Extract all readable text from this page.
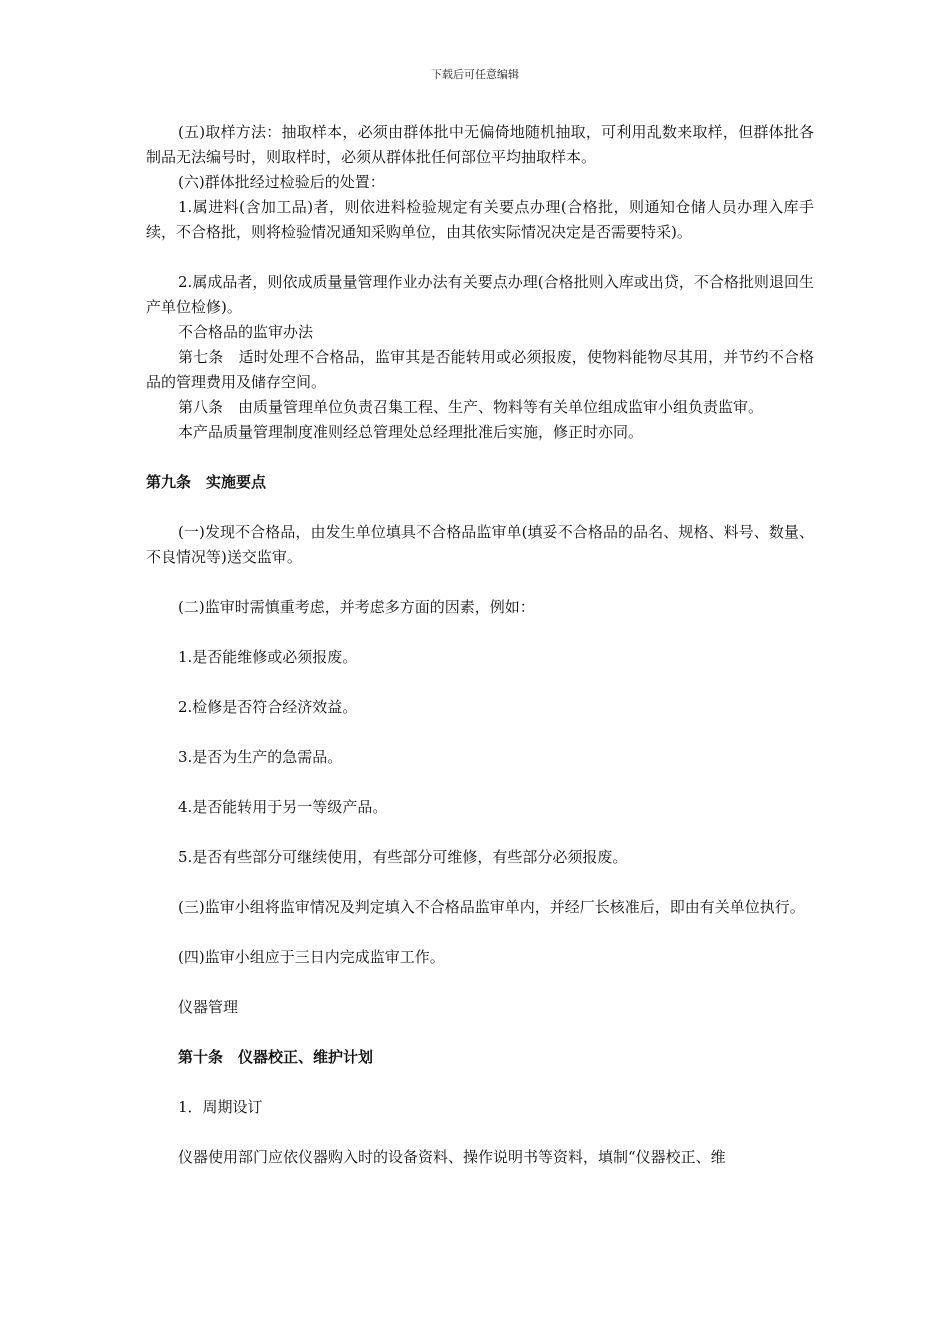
下载后可任意编辑

(五)取样方法：抽取样本，必须由群体批中无偏倚地随机抽取，可利用乱数来取样，但群体批各制品无法编号时，则取样时，必须从群体批任何部位平均抽取样本。

(六)群体批经过检验后的处置：

1.属进料(含加工品)者，则依进料检验规定有关要点办理(合格批，则通知仓储人员办理入库手续，不合格批，则将检验情况通知采购单位，由其依实际情况决定是否需要特采)。

2.属成品者，则依成质量量管理作业办法有关要点办理(合格批则入库或出贷，不合格批则退回生产单位检修)。

不合格品的监审办法

第七条　适时处理不合格品，监审其是否能转用或必须报废，使物料能物尽其用，并节约不合格品的管理费用及储存空间。

第八条　由质量管理单位负责召集工程、生产、物料等有关单位组成监审小组负责监审。

本产品质量管理制度准则经总管理处总经理批准后实施，修正时亦同。

第九条　实施要点

(一)发现不合格品，由发生单位填具不合格品监审单(填妥不合格品的品名、规格、料号、数量、不良情况等)送交监审。

(二)监审时需慎重考虑，并考虑多方面的因素，例如：

1.是否能维修或必须报废。

2.检修是否符合经济效益。

3.是否为生产的急需品。

4.是否能转用于另一等级产品。

5.是否有些部分可继续使用，有些部分可维修，有些部分必须报废。

(三)监审小组将监审情况及判定填入不合格品监审单内，并经厂长核准后，即由有关单位执行。

(四)监审小组应于三日内完成监审工作。

仪器管理

第十条　仪器校正、维护计划

1．周期设订

仪器使用部门应依仪器购入时的设备资料、操作说明书等资料，填制“仪器校正、维
